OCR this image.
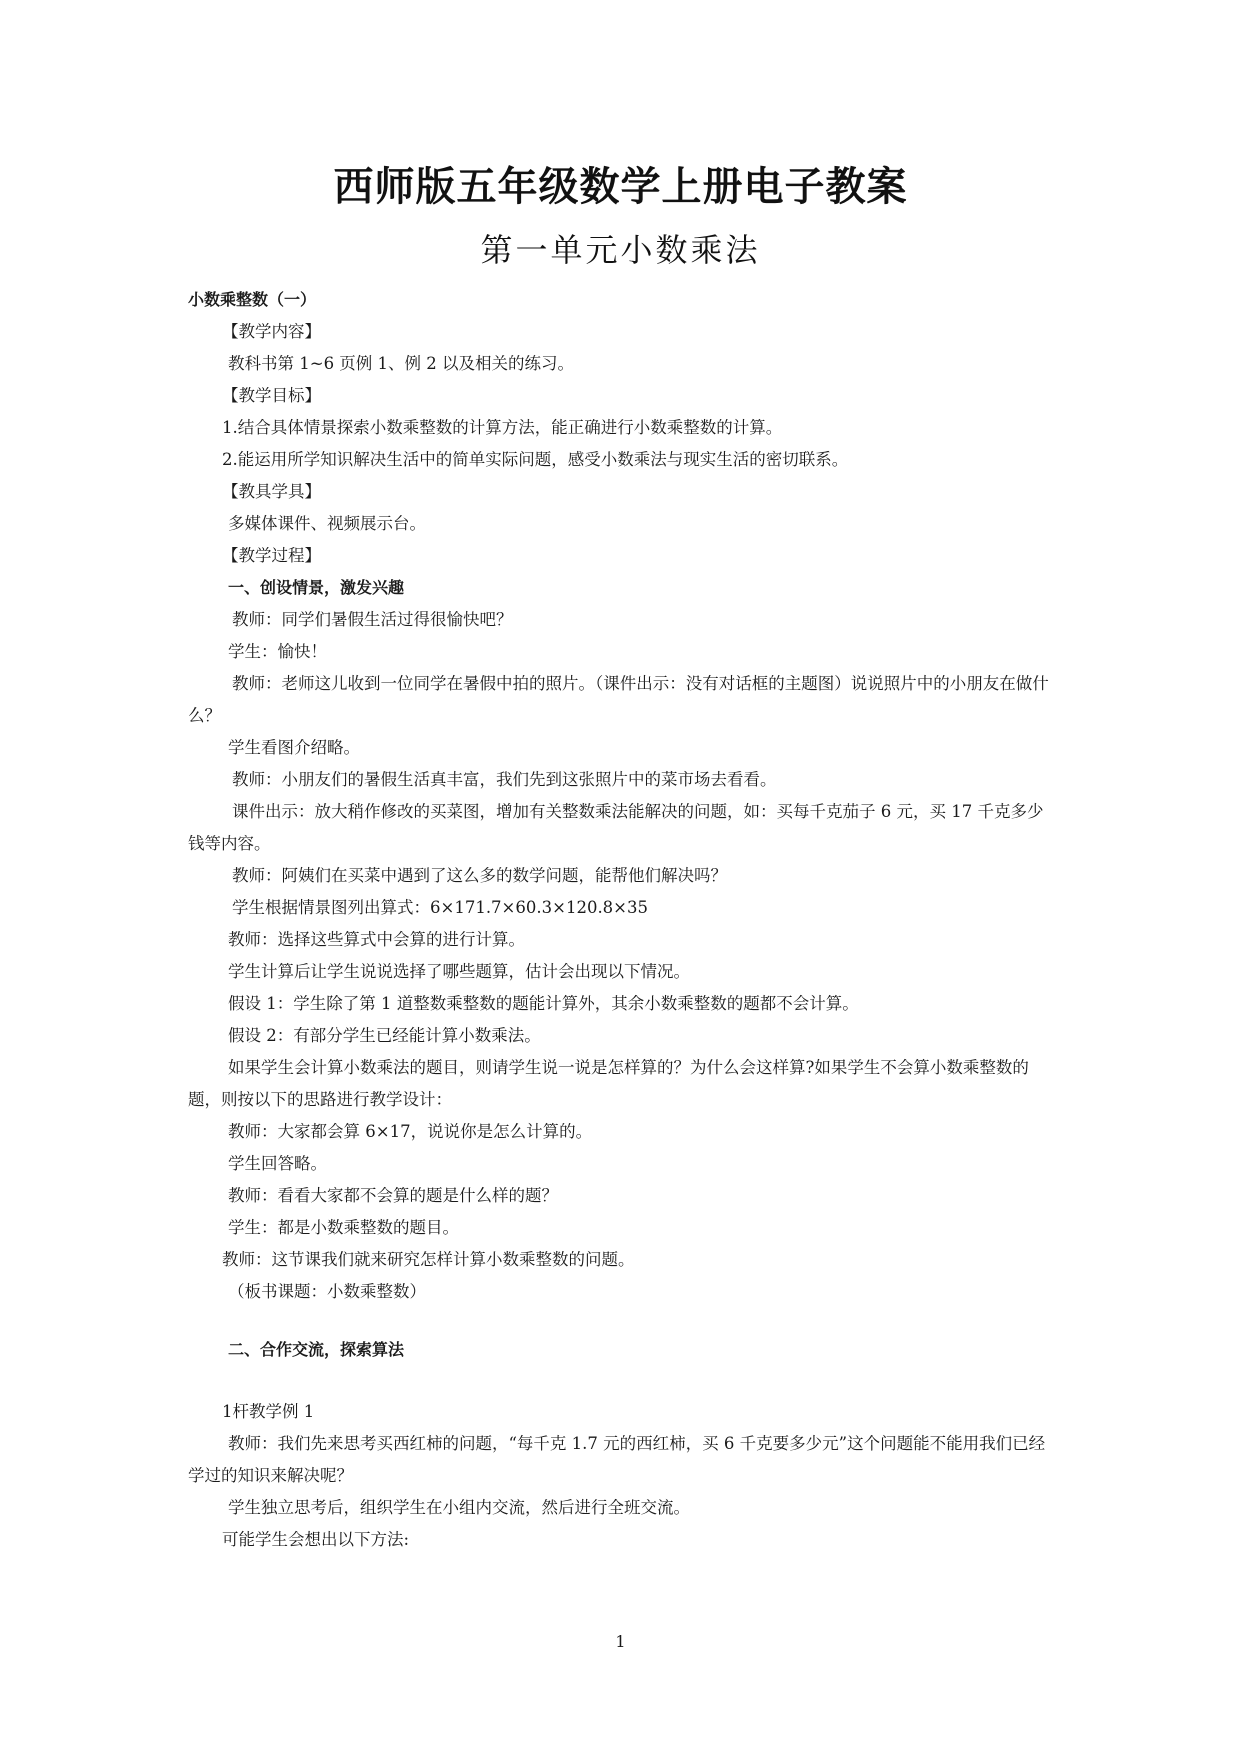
西师版五年级数学上册电子教案
第一单元小数乘法
小数乘整数（一）
【教学内容】
教科书第 1~6 页例 1、例 2 以及相关的练习。
【教学目标】
1.结合具体情景探索小数乘整数的计算方法，能正确进行小数乘整数的计算。
2.能运用所学知识解决生活中的简单实际问题，感受小数乘法与现实生活的密切联系。
【教具学具】
多媒体课件、视频展示台。
【教学过程】
一、创设情景，激发兴趣
教师：同学们暑假生活过得很愉快吧？
学生：愉快！
教师：老师这儿收到一位同学在暑假中拍的照片。（课件出示：没有对话框的主题图）说说照片中的小朋友在做什么？
学生看图介绍略。
教师：小朋友们的暑假生活真丰富，我们先到这张照片中的菜市场去看看。
课件出示：放大稍作修改的买菜图，增加有关整数乘法能解决的问题，如：买每千克茄子 6 元，买 17 千克多少钱等内容。
教师：阿姨们在买菜中遇到了这么多的数学问题，能帮他们解决吗？
学生根据情景图列出算式：6×171.7×60.3×120.8×35
教师：选择这些算式中会算的进行计算。
学生计算后让学生说说选择了哪些题算，估计会出现以下情况。
假设 1：学生除了第 1 道整数乘整数的题能计算外，其余小数乘整数的题都不会计算。
假设 2：有部分学生已经能计算小数乘法。
如果学生会计算小数乘法的题目，则请学生说一说是怎样算的？为什么会这样算?如果学生不会算小数乘整数的题，则按以下的思路进行教学设计：
教师：大家都会算 6×17，说说你是怎么计算的。
学生回答略。
教师：看看大家都不会算的题是什么样的题？
学生：都是小数乘整数的题目。
教师：这节课我们就来研究怎样计算小数乘整数的问题。
（板书课题：小数乘整数）
二、合作交流，探索算法
1杆教学例 1
教师：我们先来思考买西红柿的问题，“每千克 1.7 元的西红柿，买 6 千克要多少元”这个问题能不能用我们已经学过的知识来解决呢？
学生独立思考后，组织学生在小组内交流，然后进行全班交流。
可能学生会想出以下方法:
1
